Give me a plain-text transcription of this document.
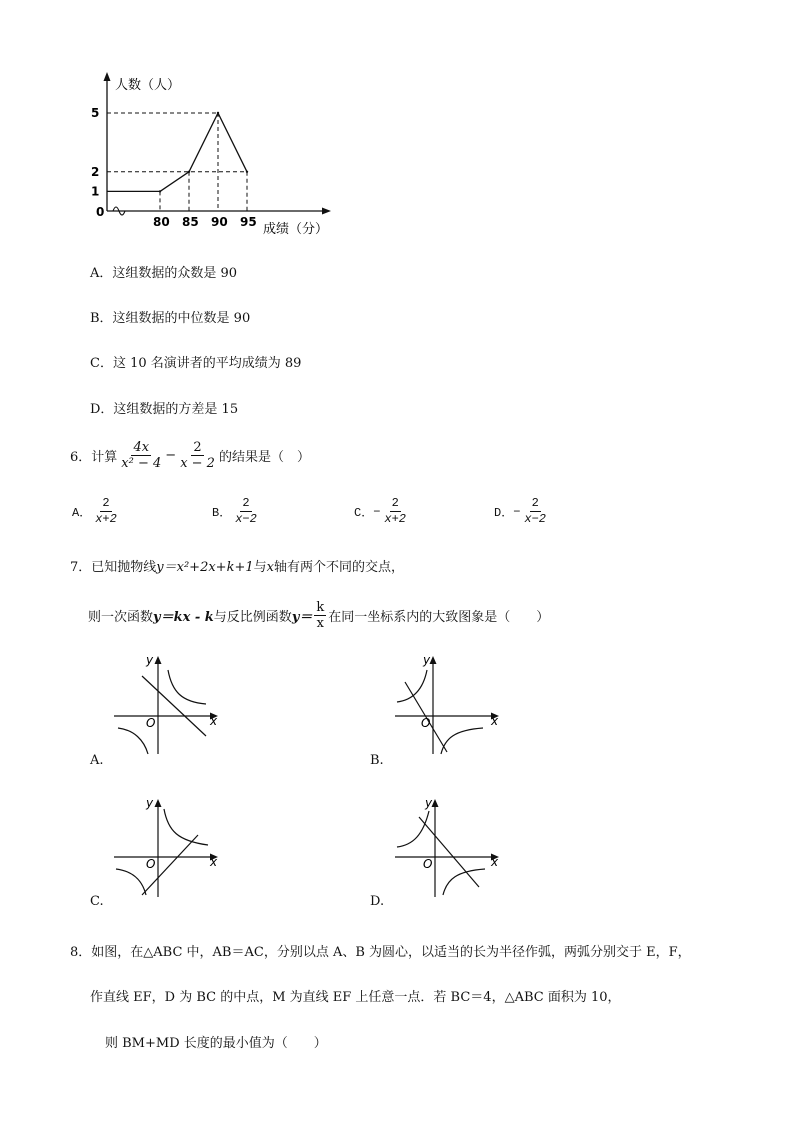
80 85 90 95
5
2
1
人数（人）
成绩（分）
0
A．这组数据的众数是 90
B．这组数据的中位数是 90
C．这 10 名演讲者的平均成绩为 89
D．这组数据的方差是 15
6． 计算 $\frac{4x}{\text{x² − 4}} - \frac{2}{x - 2}$ 的结果是（　）
A． $\frac{2}{x+2}$	B． $\frac{2}{x-2}$	C． − $\frac{2}{x+2}$	D． − $\frac{2}{x-2}$
7．已知抛物线y＝x²+2x+k+1与x轴有两个不同的交点，
则一次函数 y＝kx - k 与反比例函数 $y= \frac{k}{x}$ 在同一坐标系内的大致图象是（　　）
y
x
O
A.
y
x
O
B.
y
x
O
C.
y
x
O
D.
8．如图，在△ABC 中，AB＝AC，分别以点 A、B 为圆心，以适当的长为半径作弧，两弧分别交于 E，F，
作直线 EF，D 为 BC 的中点，M 为直线 EF 上任意一点．若 BC＝4，△ABC 面积为 10，
则 BM+MD 长度的最小值为（　　）
